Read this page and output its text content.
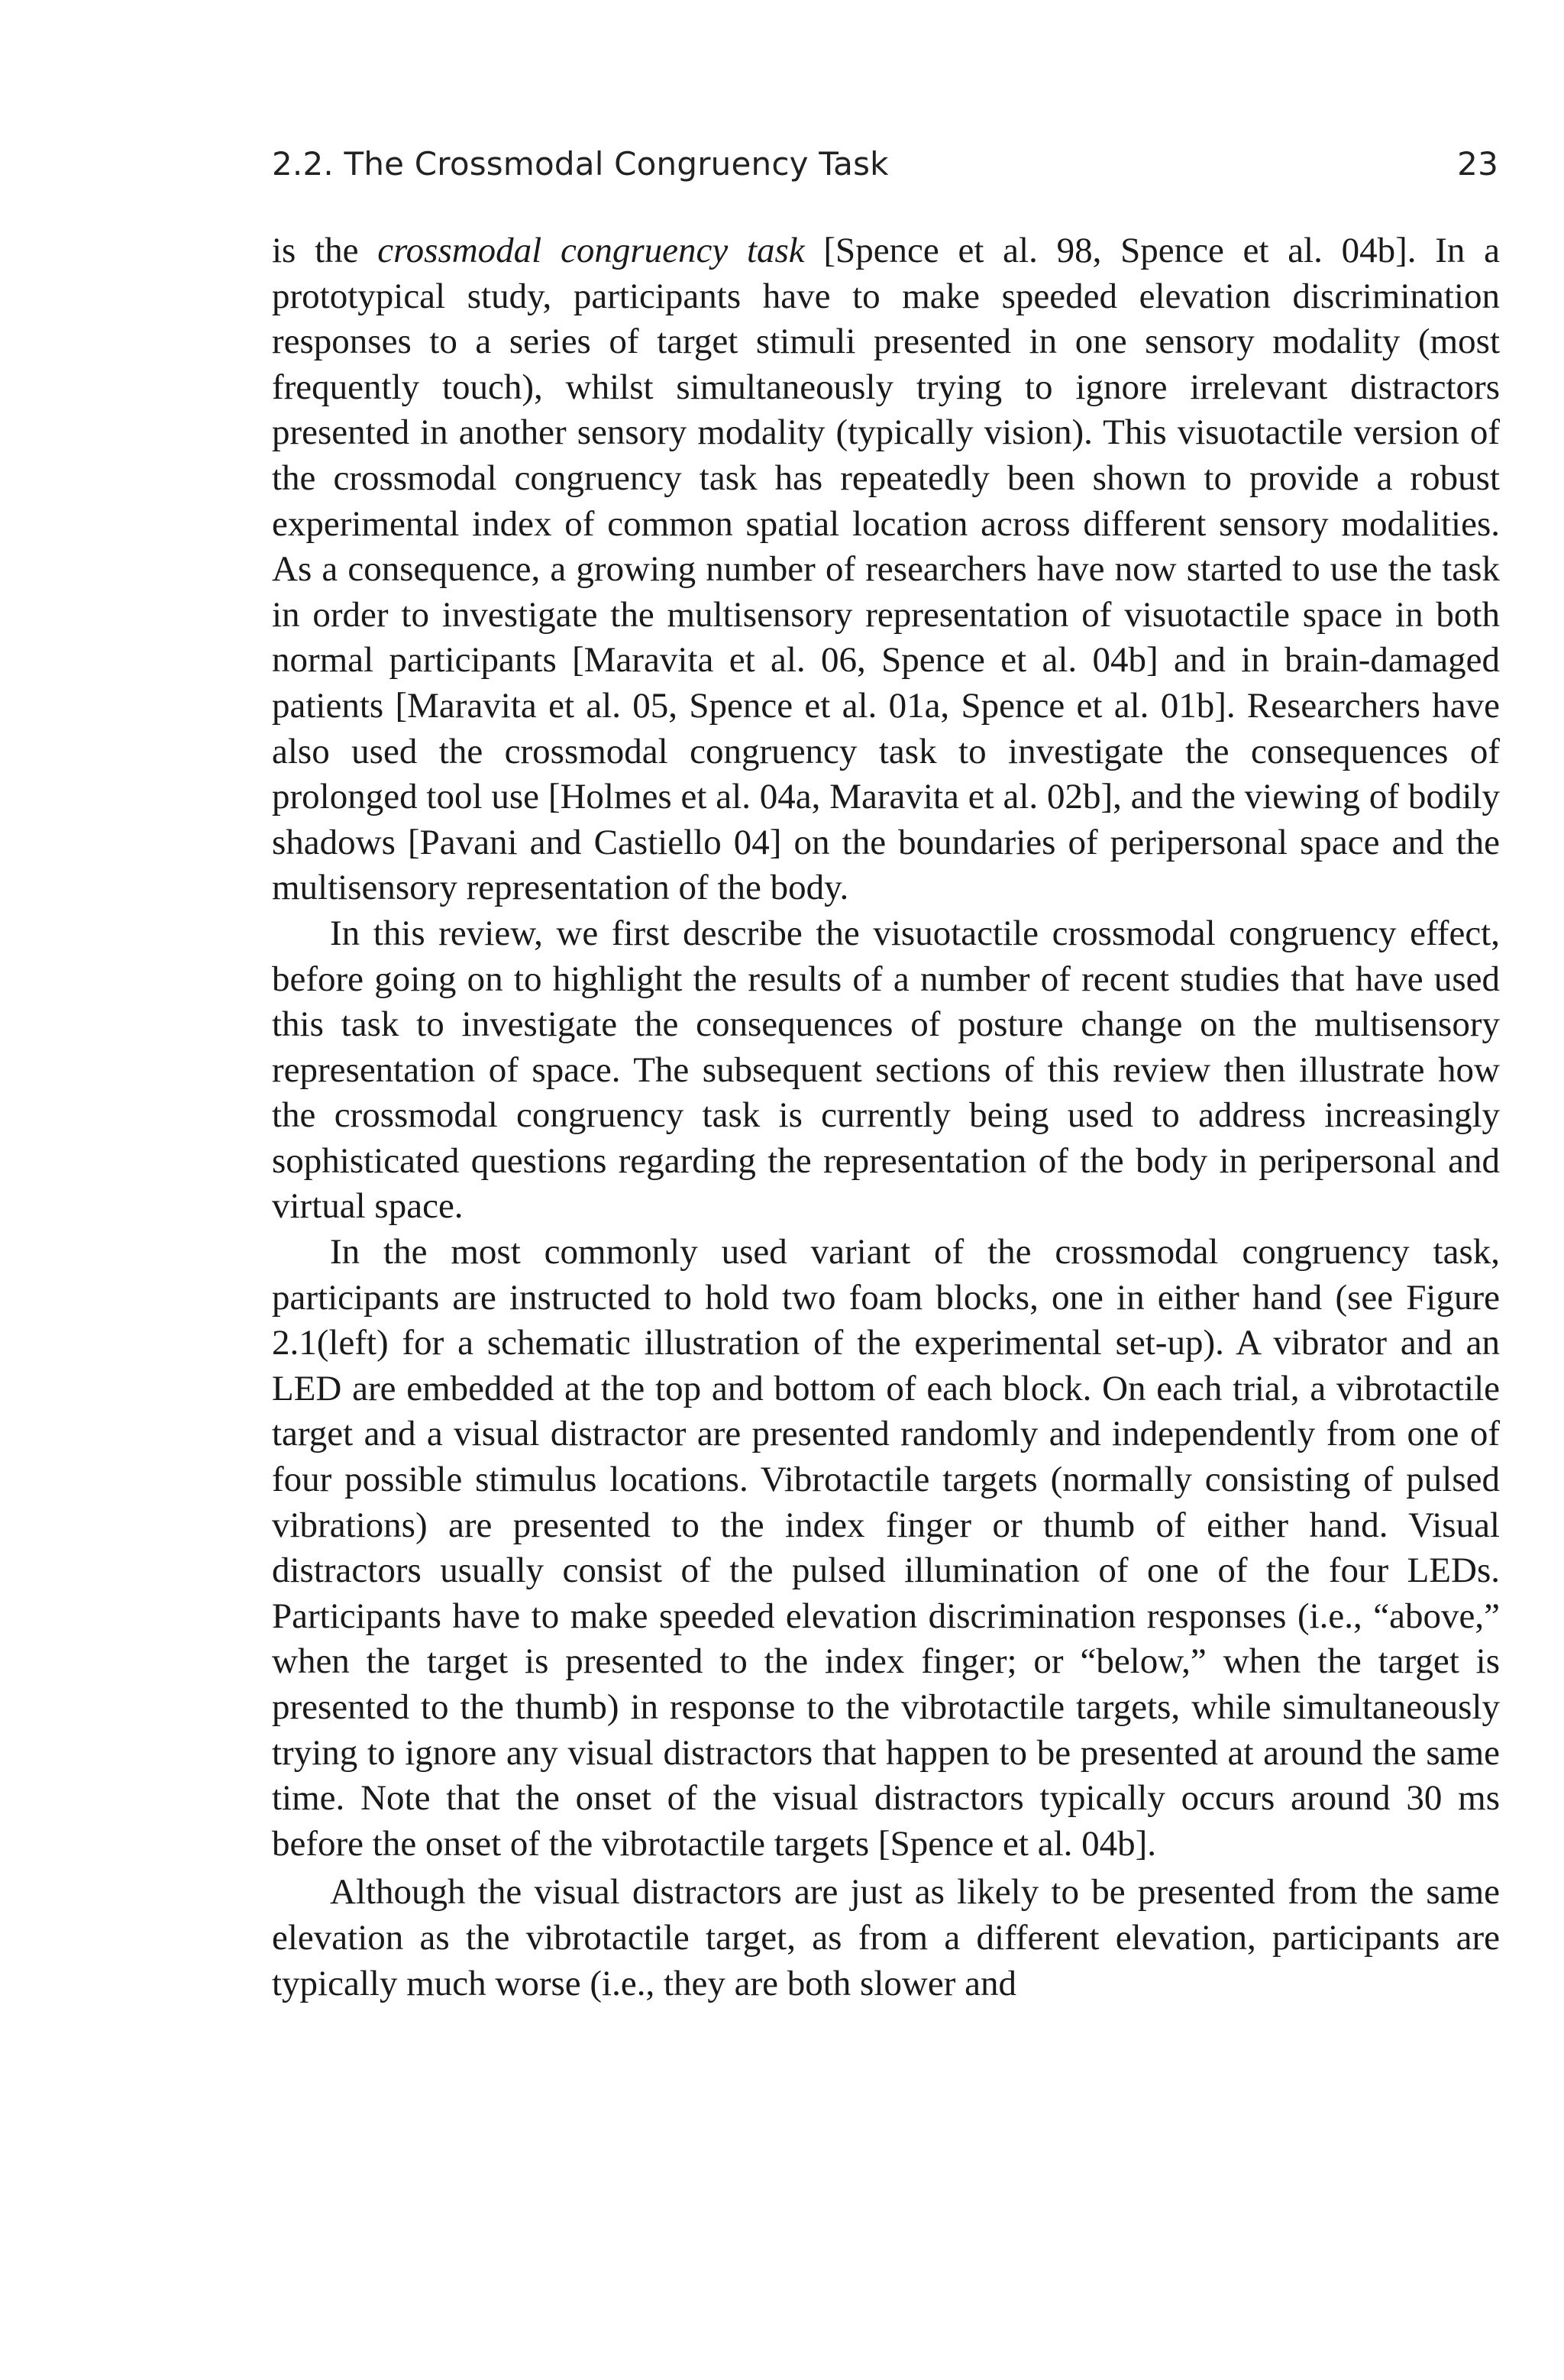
2.2. The Crossmodal Congruency Task	23

is the crossmodal congruency task [Spence et al. 98, Spence et al. 04b]. In a prototypical study, participants have to make speeded elevation discrimination responses to a series of target stimuli presented in one sensory modality (most frequently touch), whilst simultaneously trying to ignore irrelevant distractors presented in another sensory modality (typically vision). This visuotactile version of the crossmodal congruency task has repeatedly been shown to provide a robust experimental index of common spatial location across different sensory modalities. As a consequence, a growing number of researchers have now started to use the task in order to investigate the multisensory representation of visuotactile space in both normal participants [Maravita et al. 06, Spence et al. 04b] and in brain-damaged patients [Maravita et al. 05, Spence et al. 01a, Spence et al. 01b]. Researchers have also used the crossmodal congruency task to investigate the consequences of prolonged tool use [Holmes et al. 04a, Maravita et al. 02b], and the viewing of bodily shadows [Pavani and Castiello 04] on the boundaries of peripersonal space and the multisensory representation of the body.

In this review, we first describe the visuotactile crossmodal congruency effect, before going on to highlight the results of a number of recent studies that have used this task to investigate the consequences of posture change on the multisensory representation of space. The subsequent sections of this review then illustrate how the crossmodal congruency task is currently being used to address increasingly sophisticated questions regarding the representation of the body in peripersonal and virtual space.

In the most commonly used variant of the crossmodal congruency task, participants are instructed to hold two foam blocks, one in either hand (see Figure 2.1(left) for a schematic illustration of the experimental set-up). A vibrator and an LED are embedded at the top and bottom of each block. On each trial, a vibrotactile target and a visual distractor are presented randomly and independently from one of four possible stimulus locations. Vibrotactile targets (normally consisting of pulsed vibrations) are presented to the index finger or thumb of either hand. Visual distractors usually consist of the pulsed illumination of one of the four LEDs. Participants have to make speeded elevation discrimination responses (i.e., “above,” when the target is presented to the index finger; or “below,” when the target is presented to the thumb) in response to the vibrotactile targets, while simultaneously trying to ignore any visual distractors that happen to be presented at around the same time. Note that the onset of the visual distractors typically occurs around 30 ms before the onset of the vibrotactile targets [Spence et al. 04b].

Although the visual distractors are just as likely to be presented from the same elevation as the vibrotactile target, as from a different elevation, participants are typically much worse (i.e., they are both slower and
